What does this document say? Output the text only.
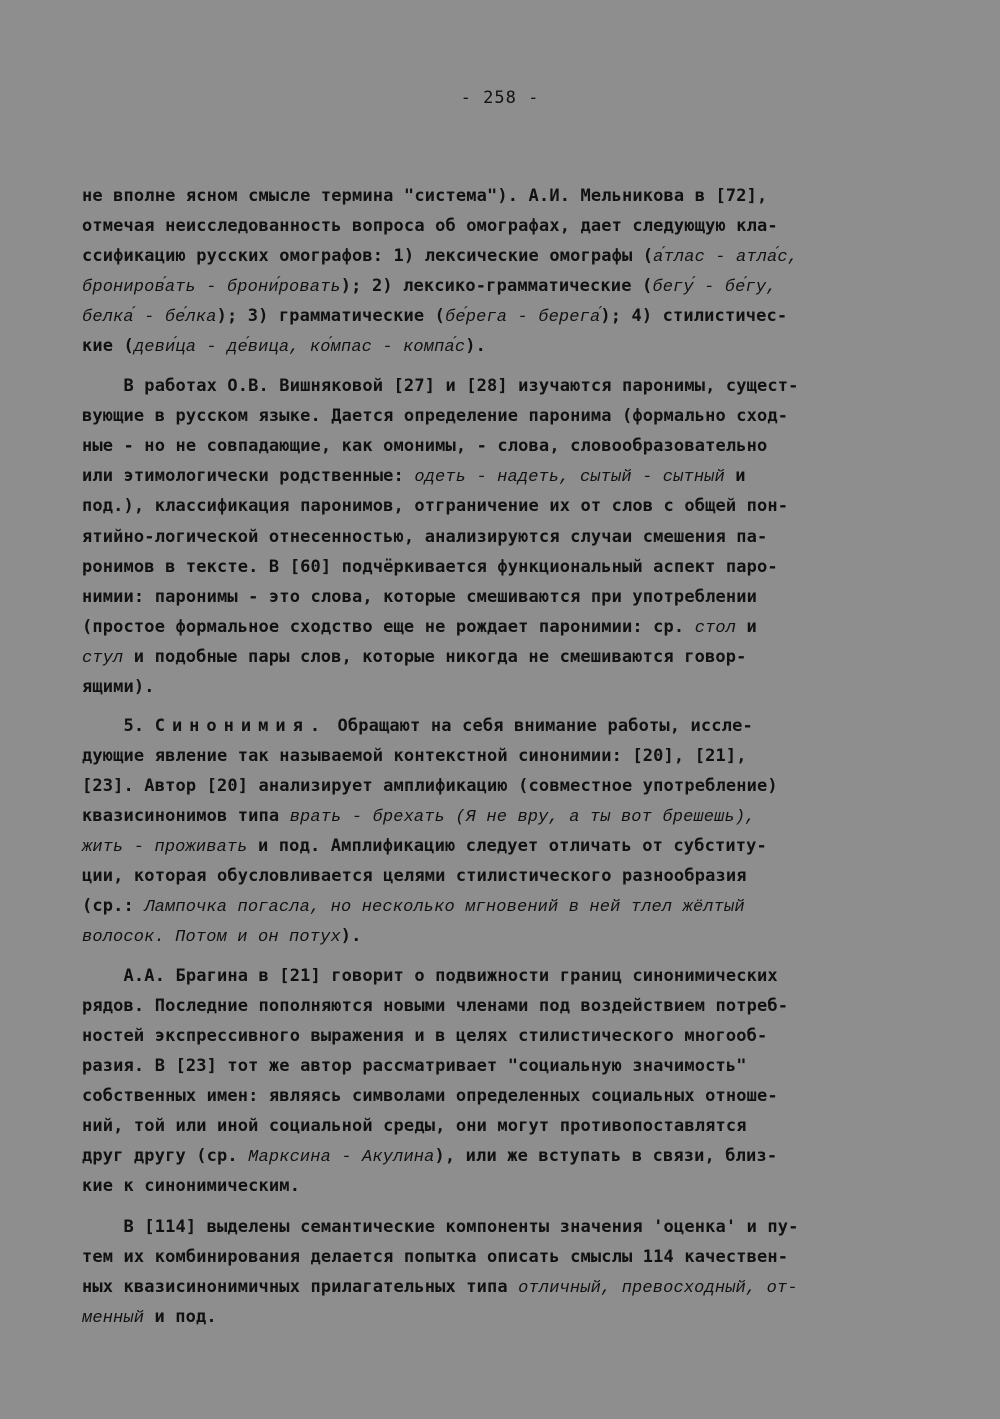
- 258 -
не вполне ясном смысле термина "система"). А.И. Мельникова в [72],
отмечая неисследованность вопроса об омографах, дает следующую кла-
ссификацию русских омографов: 1) лексические омографы (а́тлас - атла́с,
брониров́ать - брони́ровать); 2) лексико-грамматические (бегу́ - бе́гу,
белка́ - бе́лка); 3) грамматические (бе́рега - берега́); 4) стилистичес-
кие (деви́ца - де́вица, ко́мпас - компа́с).
В работах О.В. Вишняковой [27] и [28] изучаются паронимы, сущест-
вующие в русском языке. Дается определение паронима (формально сход-
ные - но не совпадающие, как омонимы, - слова, словообразовательно
или этимологически родственные: одеть - надеть, сытый - сытный и
под.), классификация паронимов, отграничение их от слов с общей пон-
ятийно-логической отнесенностью, анализируются случаи смешения па-
ронимов в тексте. В [60] подчёркивается функциональный аспект паро-
нимии: паронимы - это слова, которые смешиваются при употреблении
(простое формальное сходство еще не рождает паронимии: ср. стол и
стул и подобные пары слов, которые никогда не смешиваются говор-
ящими).
5. Синонимия. Обращают на себя внимание работы, иссле-
дующие явление так называемой контекстной синонимии: [20], [21],
[23]. Автор [20] анализирует амплификацию (совместное употребление)
квазисинонимов типа врать - брехать (Я не вру, а ты вот брешешь),
жить - проживать и под. Амплификацию следует отличать от субститу-
ции, которая обусловливается целями стилистического разнообразия
(ср.: Лампочка погасла, но несколько мгновений в ней тлел жёлтый
волосок. Потом и он потух).
А.А. Брагина в [21] говорит о подвижности границ синонимических
рядов. Последние пополняются новыми членами под воздействием потреб-
ностей экспрессивного выражения и в целях стилистического многооб-
разия. В [23] тот же автор рассматривает "социальную значимость"
собственных имен: являясь символами определенных социальных отноше-
ний, той или иной социальной среды, они могут противопоставлятся
друг другу (ср. Марксина - Акулина), или же вступать в связи, близ-
кие к синонимическим.
В [114] выделены семантические компоненты значения 'оценка' и пу-
тем их комбинирования делается попытка описать смыслы 114 качествен-
ных квазисинонимичных прилагательных типа отличный, превосходный, от-
менный и под.
